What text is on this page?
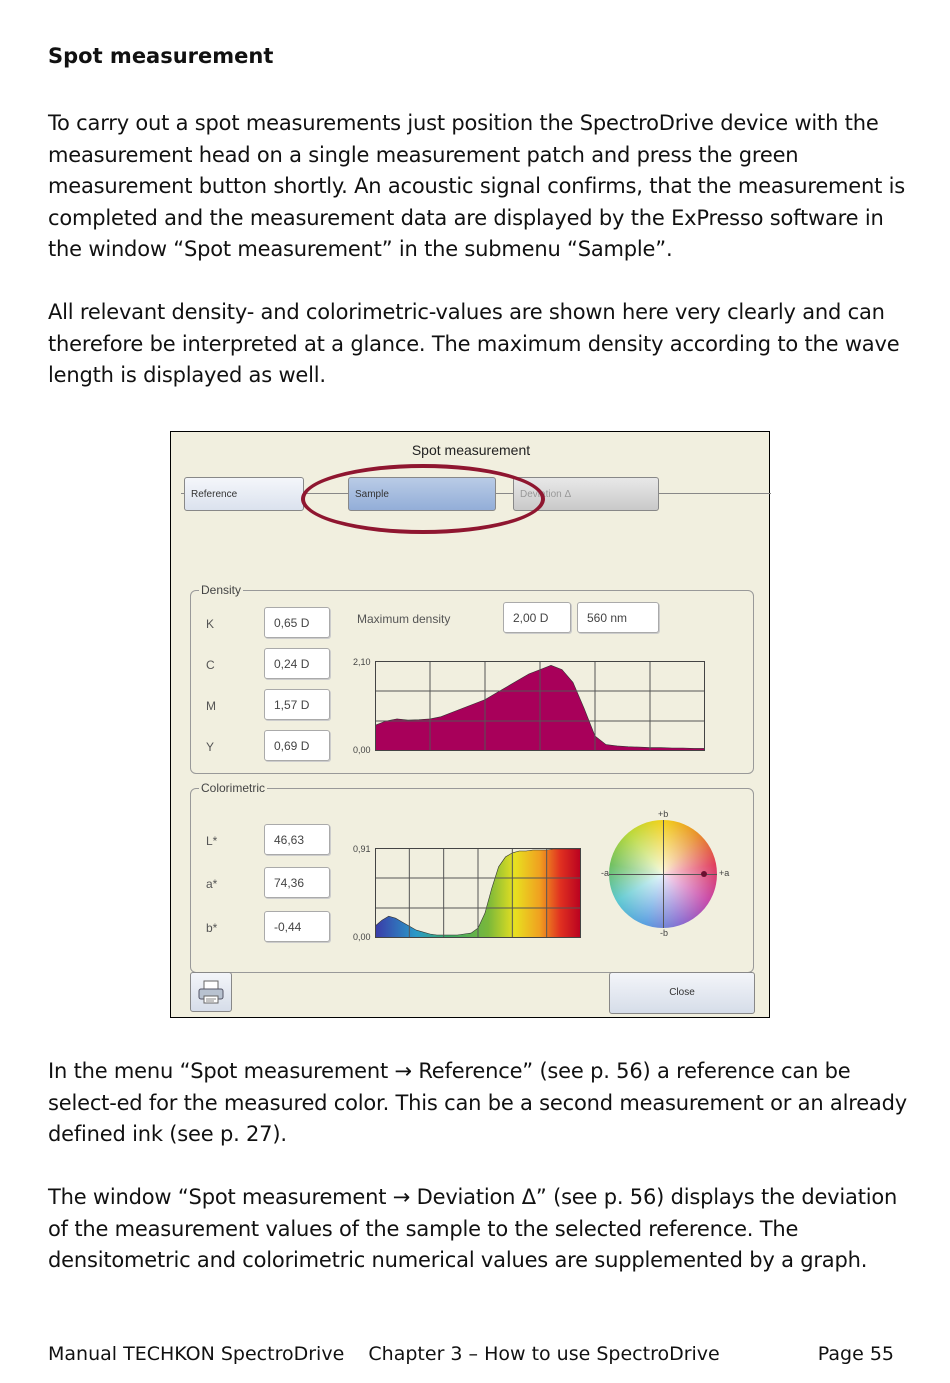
Spot measurement
To carry out a spot measurements just position the SpectroDrive device with the measurement head on a single measurement patch and press the green measurement button shortly. An acoustic signal confirms, that the measurement is completed and the measurement data are displayed by the ExPresso software in the window “Spot measurement” in the submenu “Sample”.
All relevant density- and colorimetric-values are shown here very clearly and can therefore be interpreted at a glance. The maximum density according to the wave length is displayed as well.
Spot measurement
Reference	Sample	Deviation Δ
Density
K	0,65 D
C	0,24 D
M	1,57 D
Y	0,69 D
Maximum density	2,00 D	560 nm
2,10
0,00
Colorimetric
L*	46,63
a*	74,36
b*	-0,44
0,91
0,00
+b
-b
-a	+a
Close
In the menu “Spot measurement → Reference” (see p. 56) a reference can be select-ed for the measured color. This can be a second measurement or an already defined ink (see p. 27).
The window “Spot measurement → Deviation Δ” (see p. 56) displays the deviation of the measurement values of the sample to the selected reference. The densitometric and colorimetric numerical values are supplemented by a graph.
Manual TECHKON SpectroDrive    Chapter 3 – How to use SpectroDrive	Page 55
